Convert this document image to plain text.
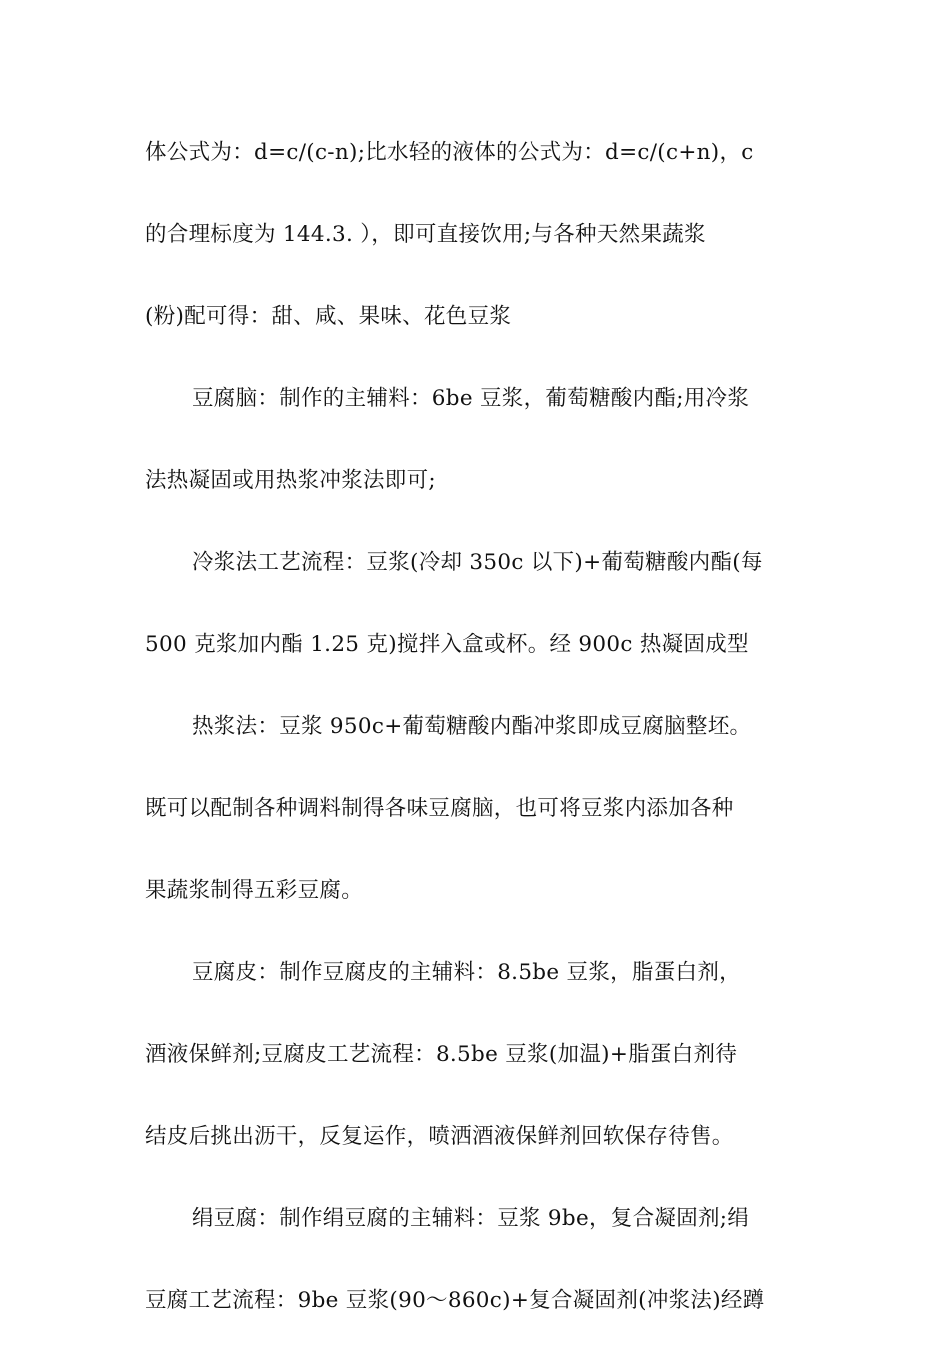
体公式为：d=c/(c-n);比水轻的液体的公式为：d=c/(c+n)，c
的合理标度为 144.3. ），即可直接饮用;与各种天然果蔬浆
(粉)配可得：甜、咸、果味、花色豆浆

豆腐脑：制作的主辅料：6be 豆浆，葡萄糖酸内酯;用冷浆
法热凝固或用热浆冲浆法即可;

冷浆法工艺流程：豆浆(冷却 350c 以下)+葡萄糖酸内酯(每
500 克浆加内酯 1.25 克)搅拌入盒或杯。经 900c 热凝固成型

热浆法：豆浆 950c+葡萄糖酸内酯冲浆即成豆腐脑整坯。
既可以配制各种调料制得各味豆腐脑，也可将豆浆内添加各种
果蔬浆制得五彩豆腐。

豆腐皮：制作豆腐皮的主辅料：8.5be 豆浆，脂蛋白剂，
酒液保鲜剂;豆腐皮工艺流程：8.5be 豆浆(加温)+脂蛋白剂待
结皮后挑出沥干，反复运作，喷洒酒液保鲜剂回软保存待售。

绢豆腐：制作绢豆腐的主辅料：豆浆 9be，复合凝固剂;绢
豆腐工艺流程：9be 豆浆(90～860c)+复合凝固剂(冲浆法)经蹲
